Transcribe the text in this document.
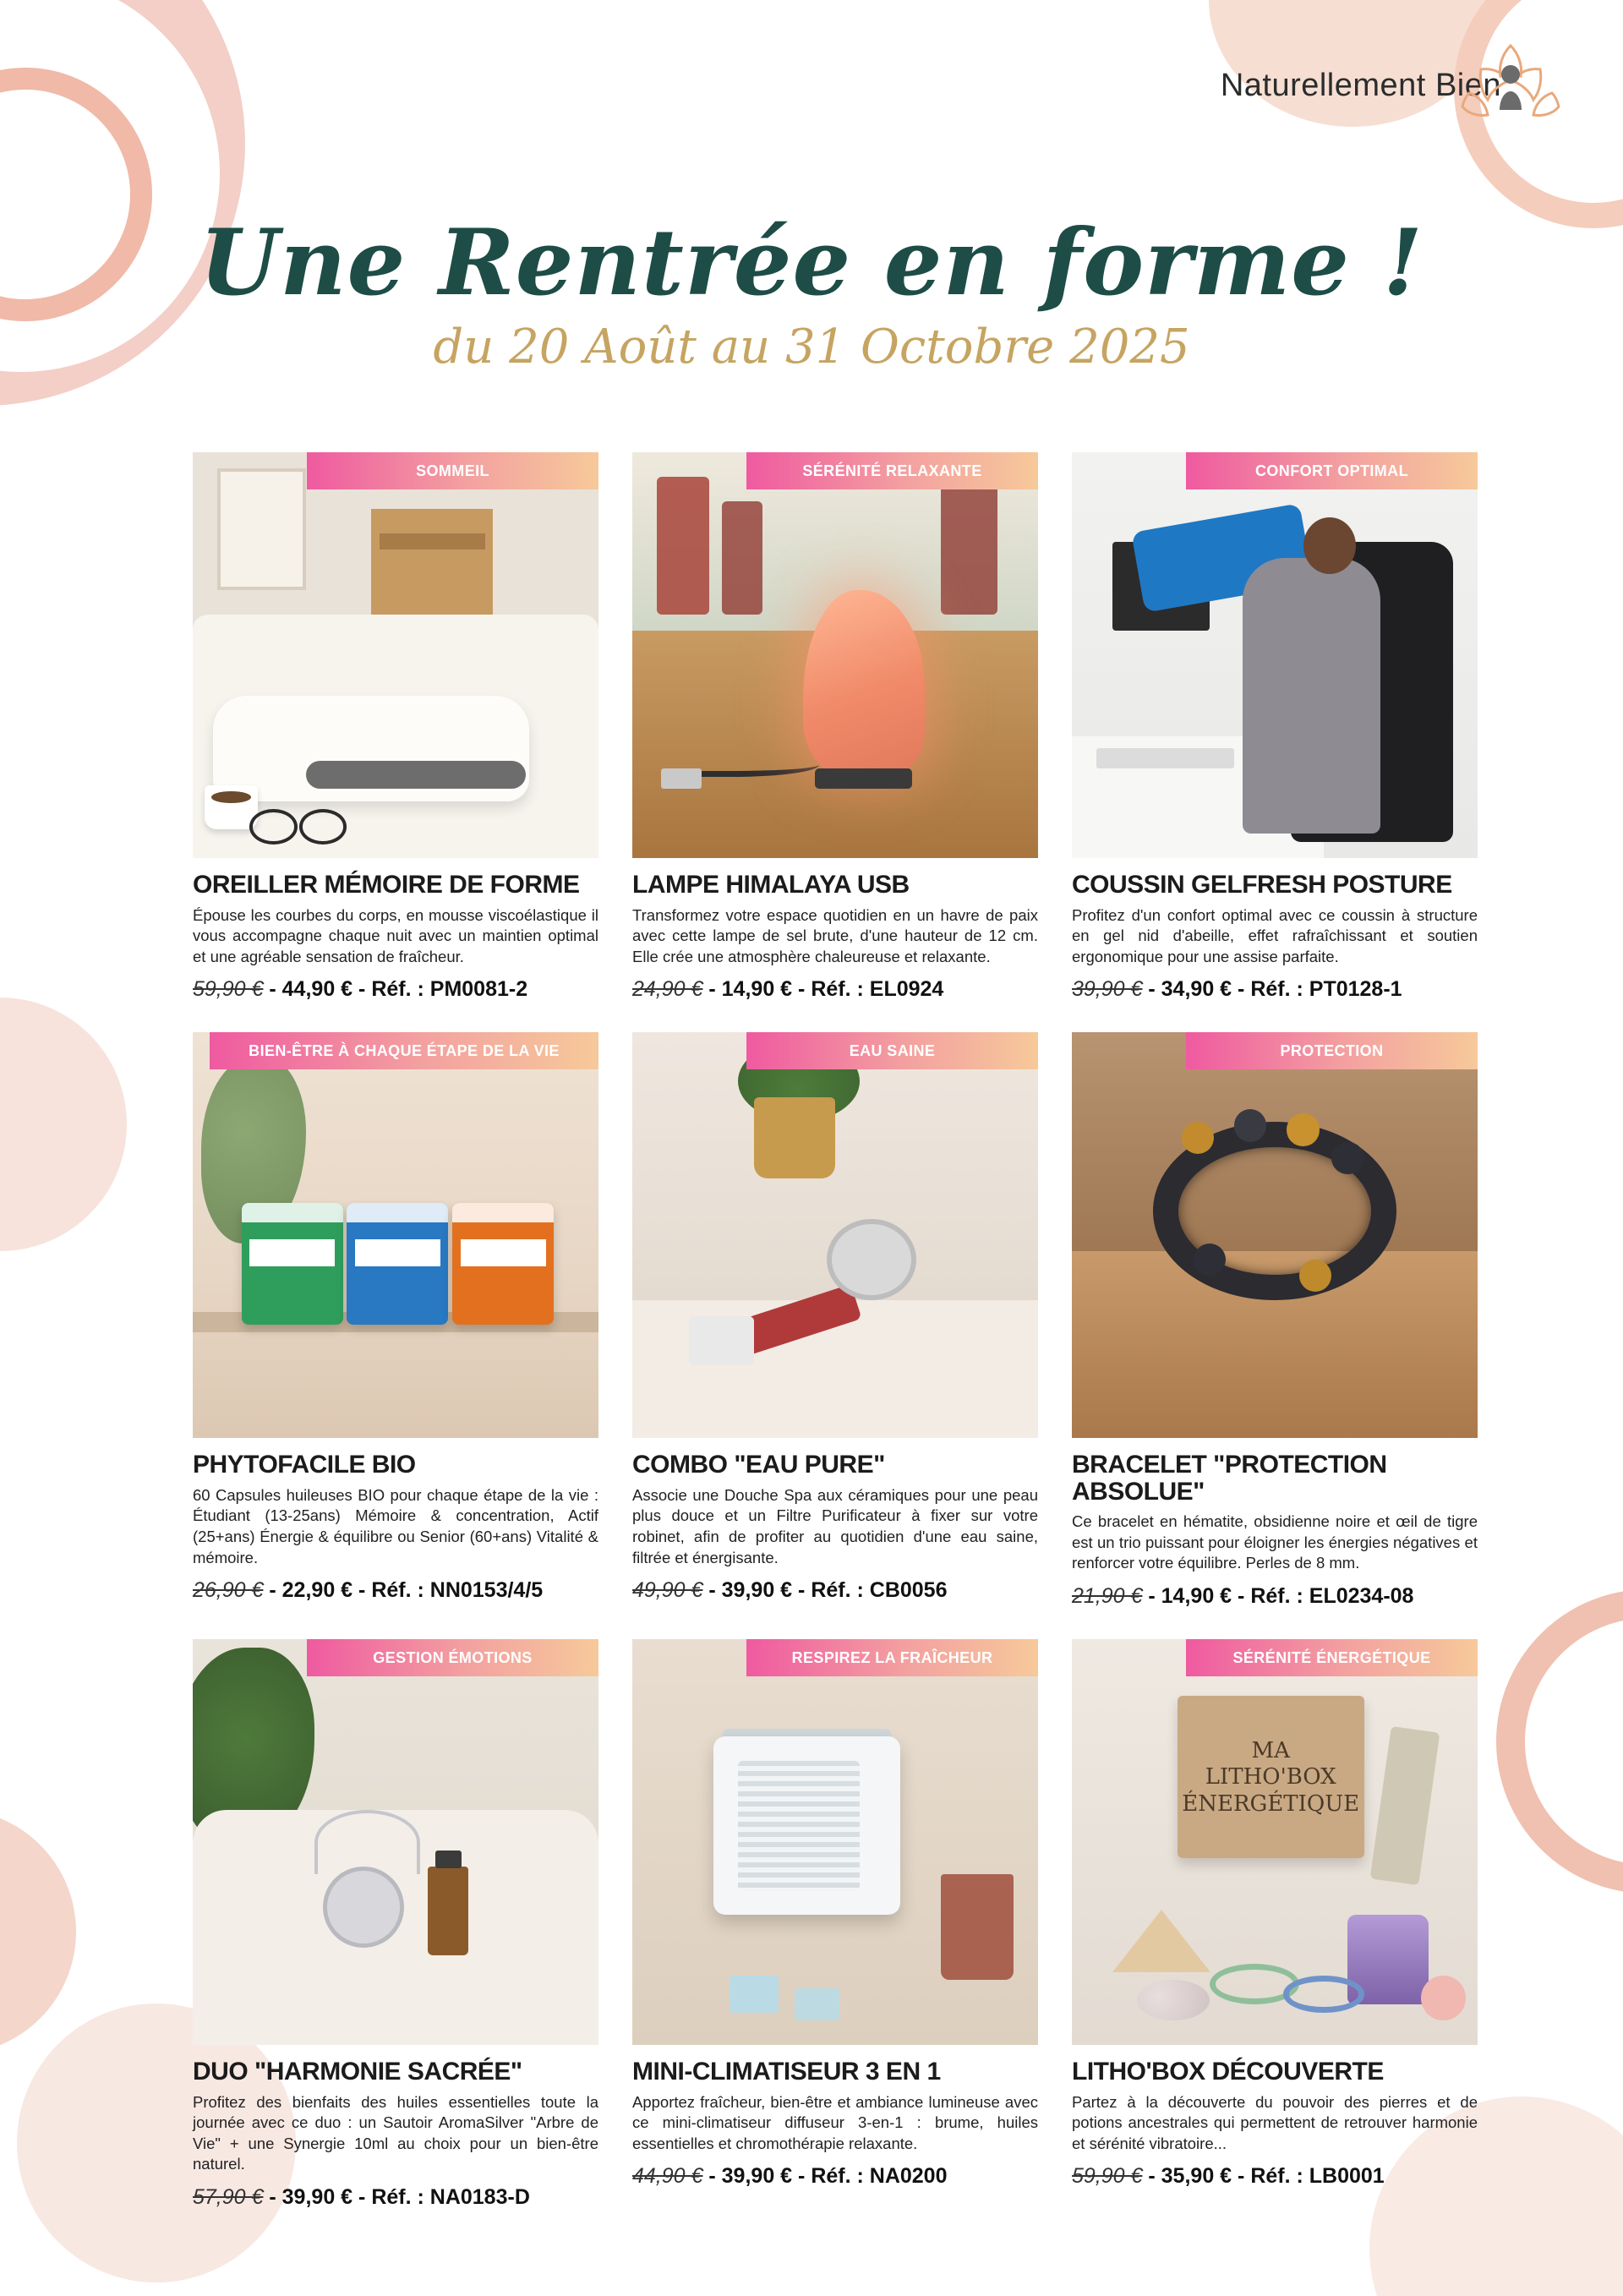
Naturellement Bien
Une Rentrée en forme !
du 20 Août au 31 Octobre 2025
SOMMEIL
OREILLER MÉMOIRE DE FORME
Épouse les courbes du corps, en mousse viscoélastique il vous accompagne chaque nuit avec un maintien optimal et une agréable sensation de fraîcheur.
59,90 € - 44,90 € - Réf. : PM0081-2
SÉRÉNITÉ RELAXANTE
LAMPE HIMALAYA USB
Transformez votre espace quotidien en un havre de paix avec cette lampe de sel brute, d'une hauteur de 12 cm. Elle crée une atmosphère chaleureuse et relaxante.
24,90 € - 14,90 € - Réf. : EL0924
CONFORT OPTIMAL
COUSSIN GELFRESH POSTURE
Profitez d'un confort optimal avec ce coussin à structure en gel nid d'abeille, effet rafraîchissant et soutien ergonomique pour une assise parfaite.
39,90 € - 34,90 € - Réf. : PT0128-1
BIEN-ÊTRE À CHAQUE ÉTAPE DE LA VIE
PHYTOFACILE BIO
60 Capsules huileuses BIO pour chaque étape de la vie : Étudiant (13-25ans) Mémoire & concentration, Actif (25+ans) Énergie & équilibre ou Senior (60+ans) Vitalité & mémoire.
26,90 € - 22,90 € - Réf. : NN0153/4/5
EAU SAINE
COMBO "EAU PURE"
Associe une Douche Spa aux céramiques pour une peau plus douce et un Filtre Purificateur à fixer sur votre robinet, afin de profiter au quotidien d'une eau saine, filtrée et énergisante.
49,90 € - 39,90 € - Réf. : CB0056
PROTECTION
BRACELET "PROTECTION ABSOLUE"
Ce bracelet en hématite, obsidienne noire et œil de tigre est un trio puissant pour éloigner les énergies négatives et renforcer votre équilibre. Perles de 8 mm.
21,90 € - 14,90 € - Réf. : EL0234-08
GESTION ÉMOTIONS
DUO "HARMONIE SACRÉE"
Profitez des bienfaits des huiles essentielles toute la journée avec ce duo : un Sautoir AromaSilver "Arbre de Vie" + une Synergie 10ml au choix pour un bien-être naturel.
57,90 € - 39,90 € - Réf. : NA0183-D
RESPIREZ LA FRAÎCHEUR
MINI-CLIMATISEUR 3 EN 1
Apportez fraîcheur, bien-être et ambiance lumineuse avec ce mini-climatiseur diffuseur 3-en-1 : brume, huiles essentielles et chromothérapie relaxante.
44,90 € - 39,90 € - Réf. : NA0200
MA
LITHO'BOX
ÉNERGÉTIQUE
SÉRÉNITÉ ÉNERGÉTIQUE
LITHO'BOX DÉCOUVERTE
Partez à la découverte du pouvoir des pierres et de potions ancestrales qui permettent de retrouver harmonie et sérénité vibratoire...
59,90 € - 35,90 € - Réf. : LB0001
